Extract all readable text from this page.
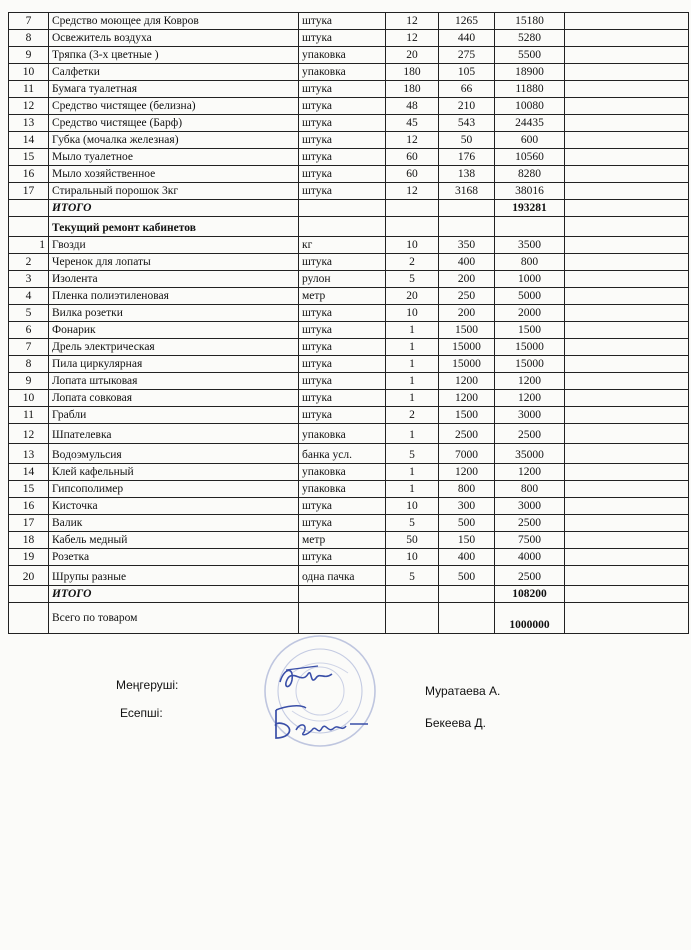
7	Средство моющее для Ковров	штука	12	1265	15180	
8	Освежитель воздуха	штука	12	440	5280	
9	Тряпка (3-х цветные )	упаковка	20	275	5500	
10	Салфетки	упаковка	180	105	18900	
11	Бумага туалетная	штука	180	66	11880	
12	Средство чистящее (белизна)	штука	48	210	10080	
13	Средство чистящее (Барф)	штука	45	543	24435	
14	Губка (мочалка железная)	штука	12	50	600	
15	Мыло туалетное	штука	60	176	10560	
16	Мыло хозяйственное	штука	60	138	8280	
17	Стиральный порошок 3кг	штука	12	3168	38016	
	ИТОГО				193281	
	Текущий ремонт кабинетов					
1	Гвозди	кг	10	350	3500	
2	Черенок для лопаты	штука	2	400	800	
3	Изолента	рулон	5	200	1000	
4	Пленка полиэтиленовая	метр	20	250	5000	
5	Вилка розетки	штука	10	200	2000	
6	Фонарик	штука	1	1500	1500	
7	Дрель электрическая	штука	1	15000	15000	
8	Пила циркулярная	штука	1	15000	15000	
9	Лопата штыковая	штука	1	1200	1200	
10	Лопата совковая	штука	1	1200	1200	
11	Грабли	штука	2	1500	3000	
12	Шпателевка	упаковка	1	2500	2500	
13	Водоэмульсия	банка усл.	5	7000	35000	
14	Клей кафельный	упаковка	1	1200	1200	
15	Гипсополимер	упаковка	1	800	800	
16	Кисточка	штука	10	300	3000	
17	Валик	штука	5	500	2500	
18	Кабель медный	метр	50	150	7500	
19	Розетка	штука	10	400	4000	
20	Шрупы разные	одна пачка	5	500	2500	
	ИТОГО				108200	
	Всего по товаром				1000000	
Меңгеруші:	Муратаева А.
Есепші:
Бекеева Д.
